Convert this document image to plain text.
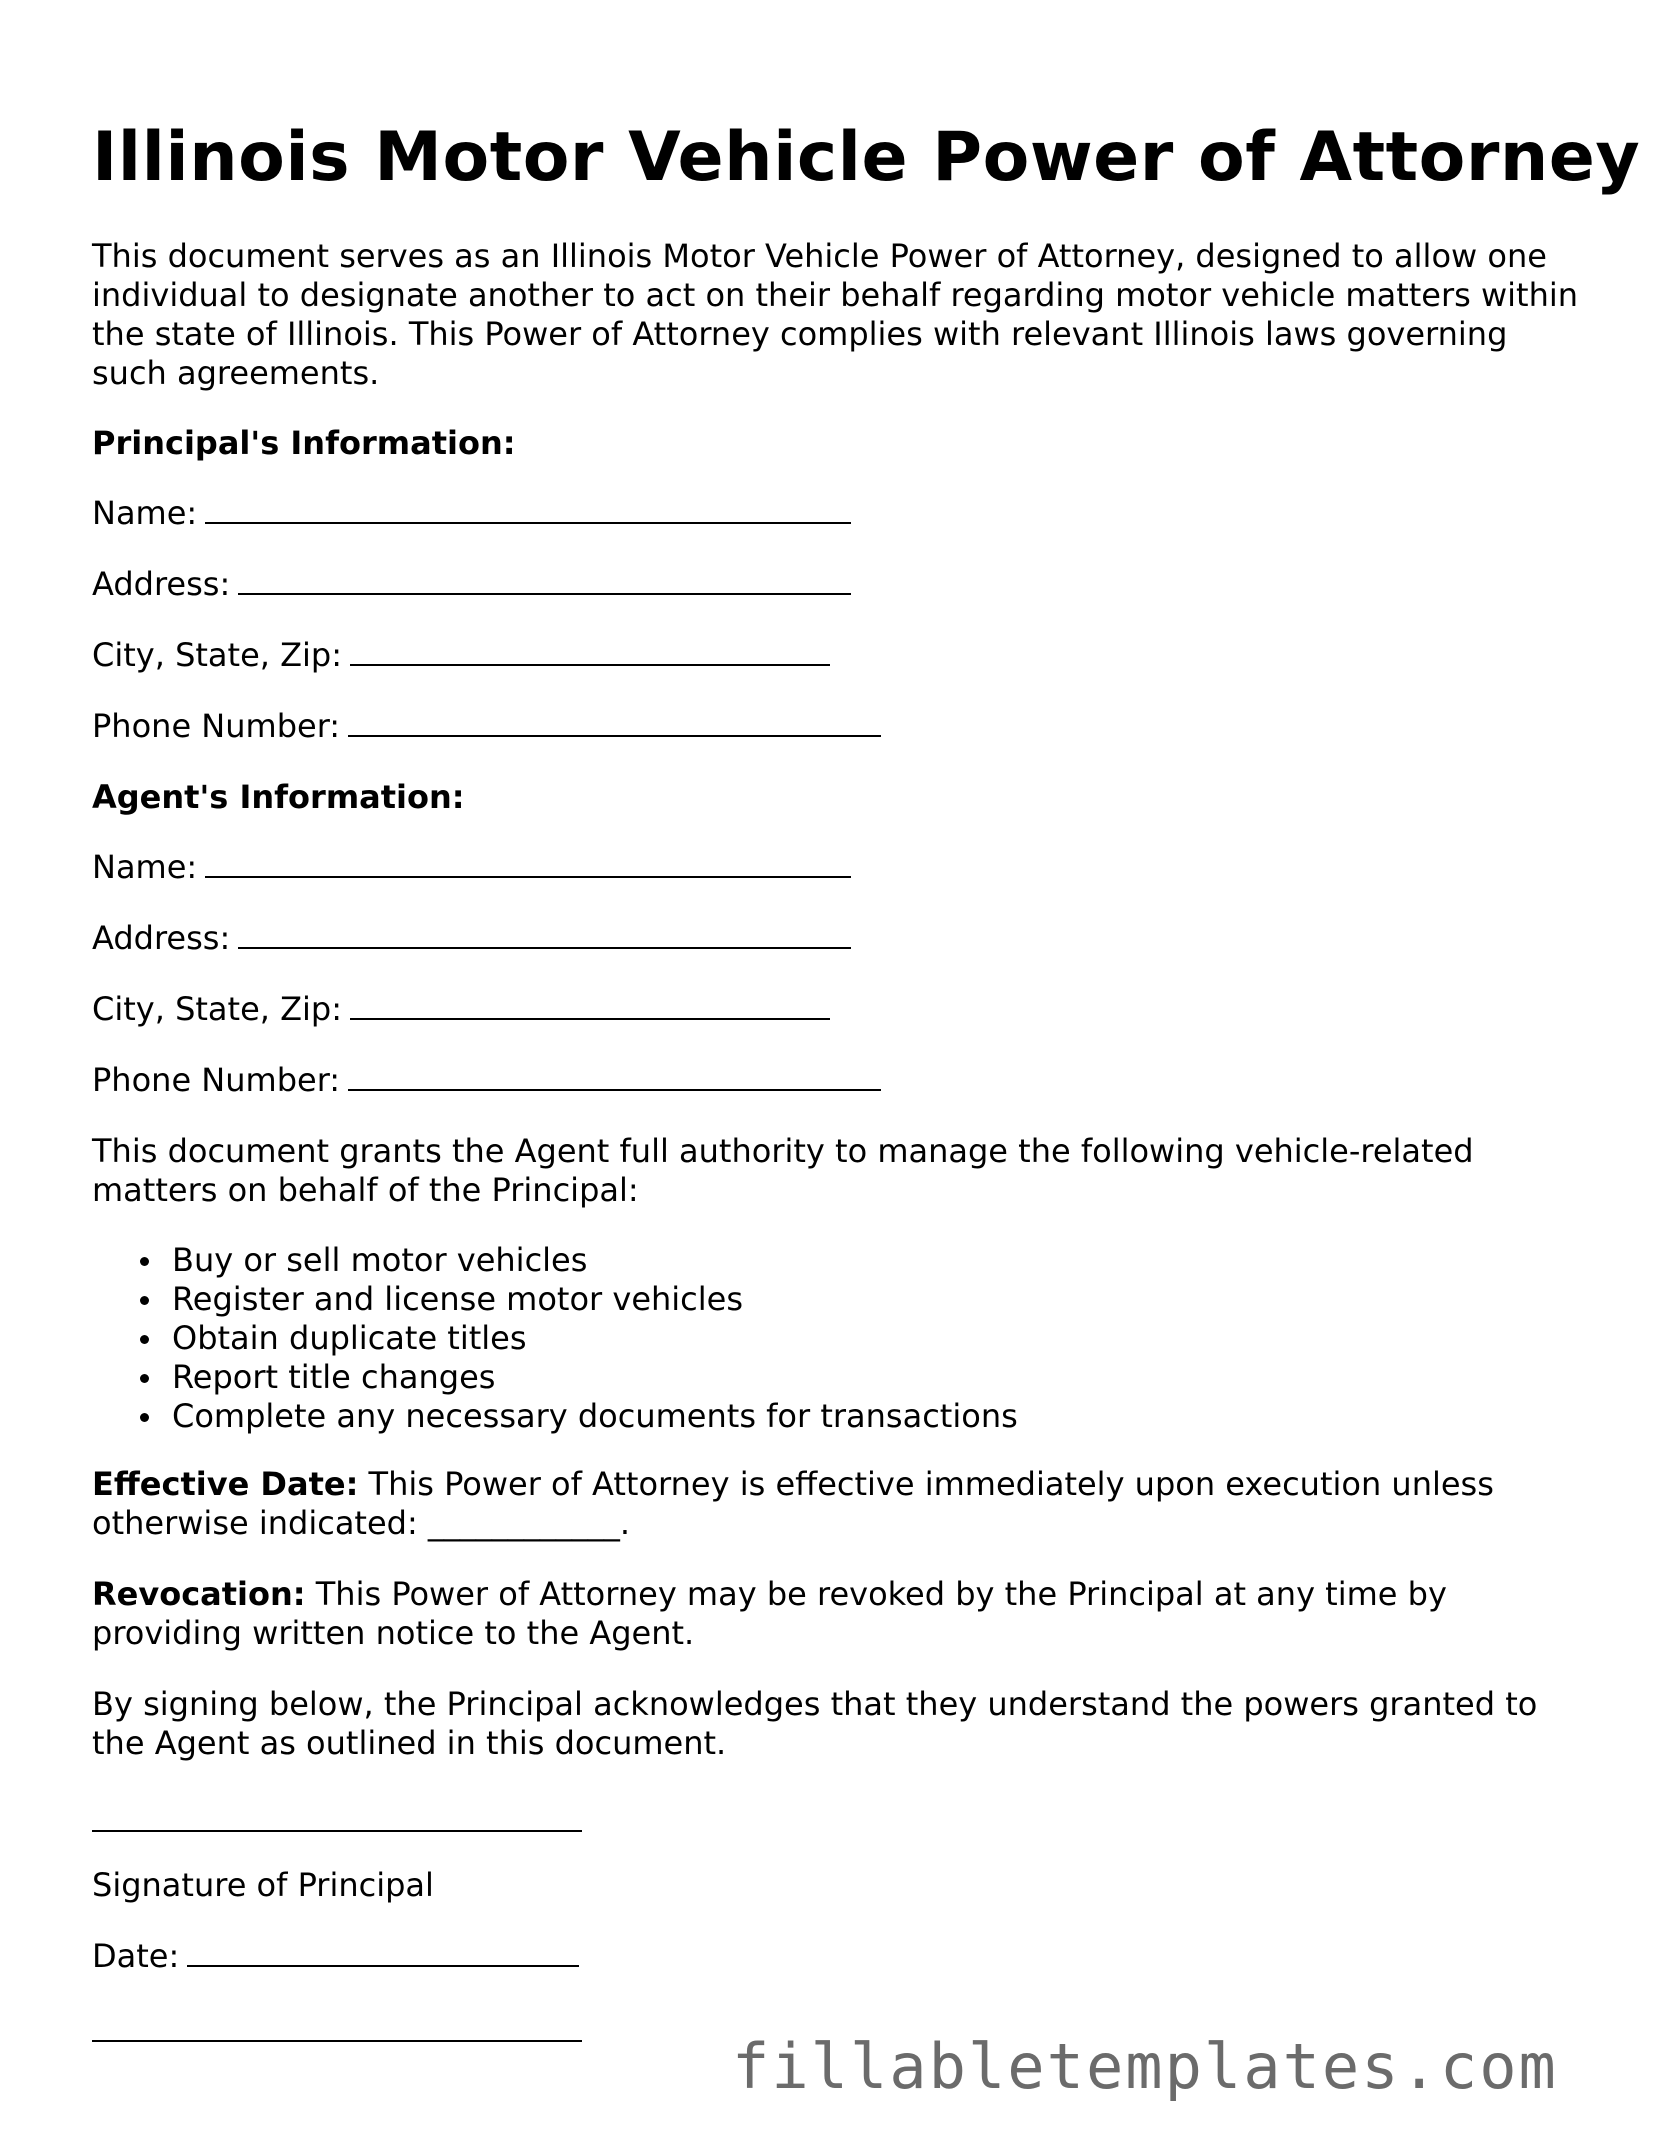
Illinois Motor Vehicle Power of Attorney

This document serves as an Illinois Motor Vehicle Power of Attorney, designed to allow one individual to designate another to act on their behalf regarding motor vehicle matters within the state of Illinois. This Power of Attorney complies with relevant Illinois laws governing such agreements.

Principal's Information:

Name:

Address:

City, State, Zip:

Phone Number:

Agent's Information:

Name:

Address:

City, State, Zip:

Phone Number:

This document grants the Agent full authority to manage the following vehicle-related matters on behalf of the Principal:

Buy or sell motor vehicles
Register and license motor vehicles
Obtain duplicate titles
Report title changes
Complete any necessary documents for transactions

Effective Date: This Power of Attorney is effective immediately upon execution unless otherwise indicated: ____________.

Revocation: This Power of Attorney may be revoked by the Principal at any time by providing written notice to the Agent.

By signing below, the Principal acknowledges that they understand the powers granted to the Agent as outlined in this document.

Signature of Principal

Date:

fillabletemplates.com
